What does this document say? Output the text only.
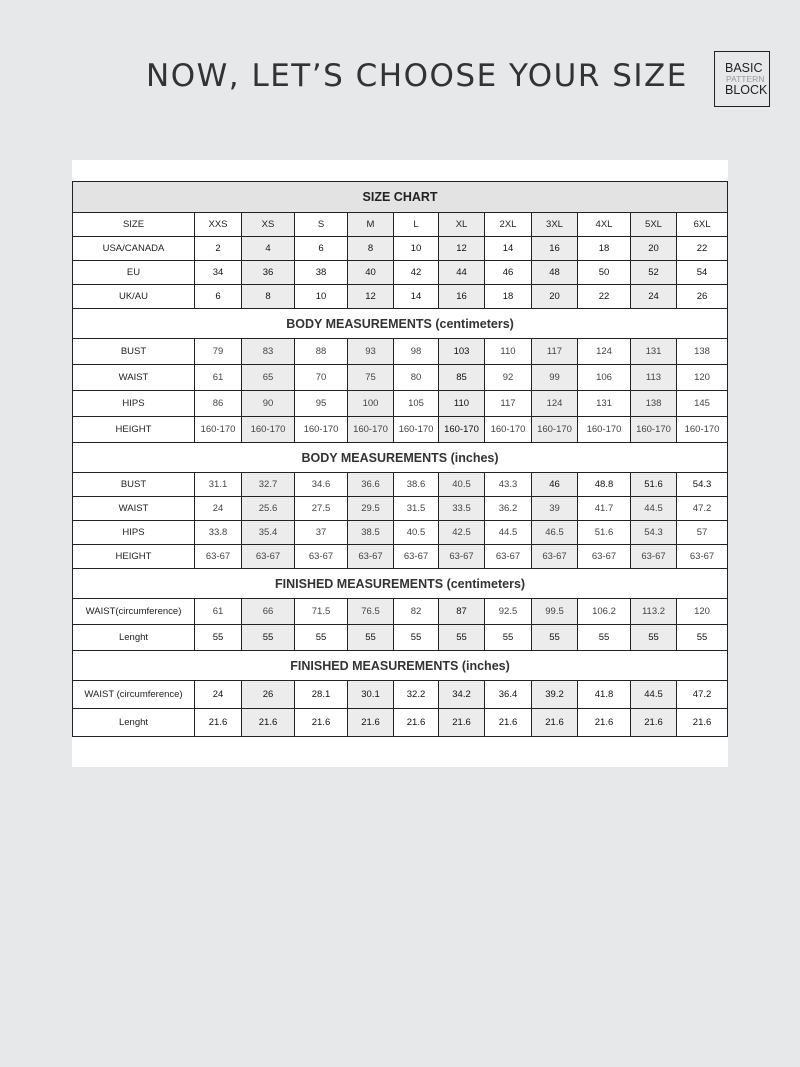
NOW, LET’S CHOOSE YOUR SIZE	BASIC
PATTERN
BLOCK
SIZE CHART											
SIZE	XXS	XS	S	M	L	XL	2XL	3XL	4XL	5XL	6XL
USA/CANADA	2	4	6	8	10	12	14	16	18	20	22
EU	34	36	38	40	42	44	46	48	50	52	54
UK/AU	6	8	10	12	14	16	18	20	22	24	26
BODY MEASUREMENTS (centimeters)											
BUST	79	83	88	93	98	103	110	117	124	131	138
WAIST	61	65	70	75	80	85	92	99	106	113	120
HIPS	86	90	95	100	105	110	117	124	131	138	145
HEIGHT	160-170	160-170	160-170	160-170	160-170	160-170	160-170	160-170	160-170	160-170	160-170
BODY MEASUREMENTS (inches)											
BUST	31.1	32.7	34.6	36.6	38.6	40.5	43.3	46	48.8	51.6	54.3
WAIST	24	25.6	27.5	29.5	31.5	33.5	36.2	39	41.7	44.5	47.2
HIPS	33.8	35.4	37	38.5	40.5	42.5	44.5	46.5	51.6	54.3	57
HEIGHT	63-67	63-67	63-67	63-67	63-67	63-67	63-67	63-67	63-67	63-67	63-67
FINISHED MEASUREMENTS (centimeters)											
WAIST(circumference)	61	66	71.5	76.5	82	87	92.5	99.5	106.2	113.2	120
Lenght	55	55	55	55	55	55	55	55	55	55	55
FINISHED MEASUREMENTS (inches)											
WAIST (circumference)	24	26	28.1	30.1	32.2	34.2	36.4	39.2	41.8	44.5	47.2
Lenght	21.6	21.6	21.6	21.6	21.6	21.6	21.6	21.6	21.6	21.6	21.6
